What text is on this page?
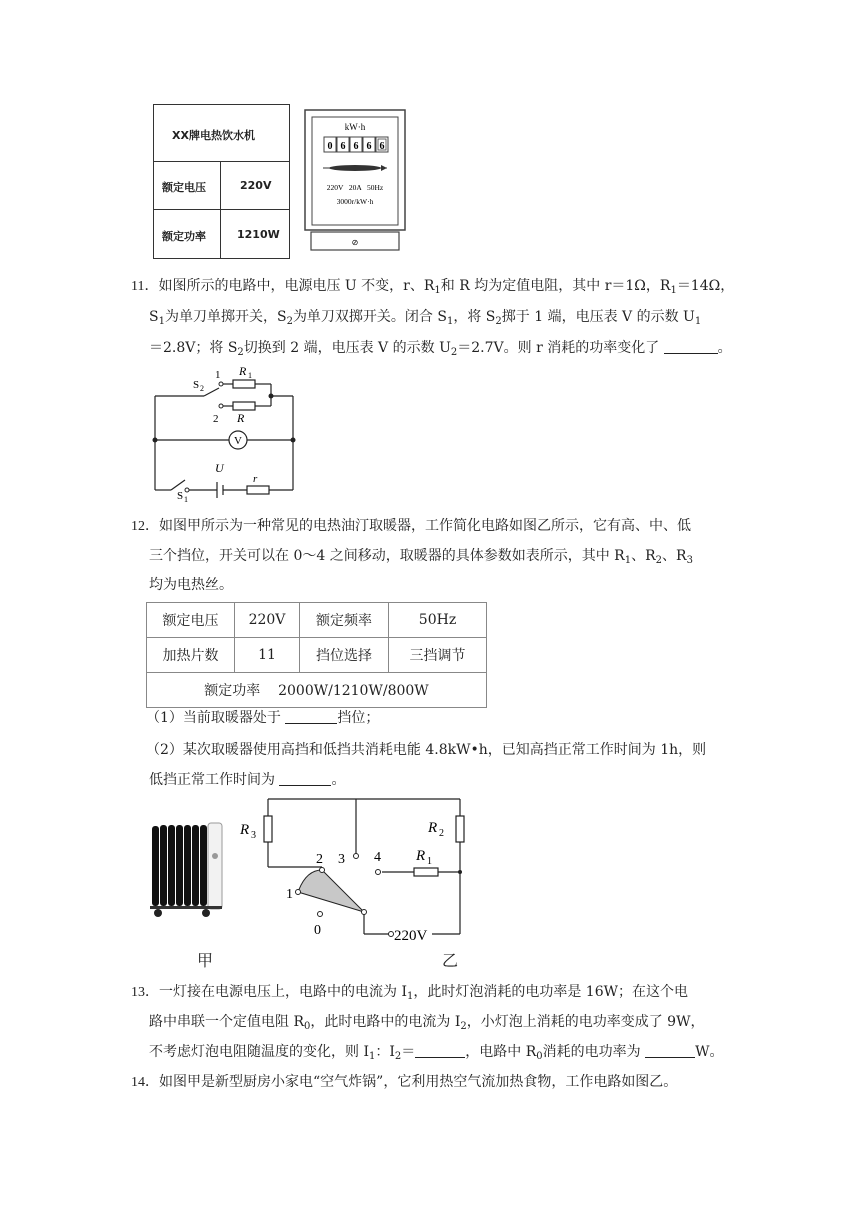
XX牌电热饮水机
额定电压	220V
额定功率	1210W
kW·h
0 6 6 6 6
220V   20A   50Hz
3000r/kW·h
⊘
11．如图所示的电路中，电源电压 U 不变，r、$R_1$和 R 均为定值电阻，其中 r＝1Ω，$R_1=14\Omega$，
$S_1$为单刀单掷开关，$S_2$为单刀双掷开关。闭合 $S_1$，将 $S_2$掷于 1 端，电压表 V 的示数 $U_1$
＝2.8V；将 $S_2$切换到 2 端，电压表 V 的示数 $U_2=2.7V$。则 r 消耗的功率变化了	。
1 R 1
S 2
2 R
V
U
r
S 1
12．如图甲所示为一种常见的电热油汀取暖器，工作简化电路如图乙所示，它有高、中、低
三个挡位，开关可以在 0～4 之间移动，取暖器的具体参数如表所示，其中 $R_1$、$R_2$、$R_3$
均为电热丝。
额定电压	220V	额定频率	50Hz
加热片数	11	挡位选择	三挡调节
额定功率    2000W/1210W/800W			
（1）当前取暖器处于	挡位；
（2）某次取暖器使用高挡和低挡共消耗电能 4.8kW•h，已知高挡正常工作时间为 1h，则
低挡正常工作时间为	。
甲
R 3	R 2
R 1
2 3 4
1
0	220V
乙
13．一灯接在电源电压上，电路中的电流为 $I_1$，此时灯泡消耗的电功率是 16W；在这个电
路中串联一个定值电阻 $R_0$，此时电路中的电流为 $I_2$，小灯泡上消耗的电功率变成了 9W，
不考虑灯泡电阻随温度的变化，则 $I_1$：$I_2=$	，电路中 $R_0$消耗的电功率为	W。
14．如图甲是新型厨房小家电“空气炸锅”，它利用热空气流加热食物，工作电路如图乙。
